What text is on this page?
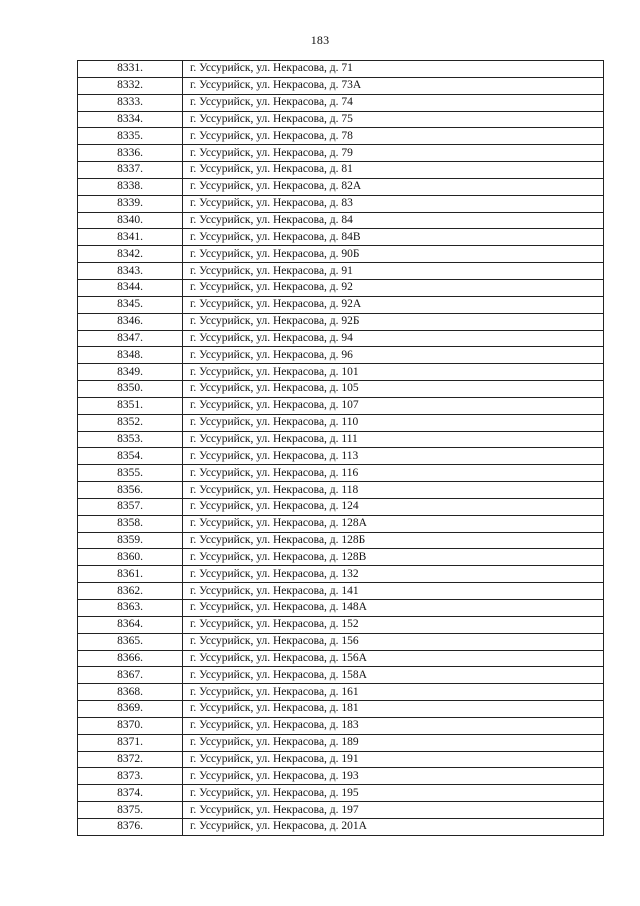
183
8331.	г. Уссурийск, ул. Некрасова, д. 71
8332.	г. Уссурийск, ул. Некрасова, д. 73А
8333.	г. Уссурийск, ул. Некрасова, д. 74
8334.	г. Уссурийск, ул. Некрасова, д. 75
8335.	г. Уссурийск, ул. Некрасова, д. 78
8336.	г. Уссурийск, ул. Некрасова, д. 79
8337.	г. Уссурийск, ул. Некрасова, д. 81
8338.	г. Уссурийск, ул. Некрасова, д. 82А
8339.	г. Уссурийск, ул. Некрасова, д. 83
8340.	г. Уссурийск, ул. Некрасова, д. 84
8341.	г. Уссурийск, ул. Некрасова, д. 84В
8342.	г. Уссурийск, ул. Некрасова, д. 90Б
8343.	г. Уссурийск, ул. Некрасова, д. 91
8344.	г. Уссурийск, ул. Некрасова, д. 92
8345.	г. Уссурийск, ул. Некрасова, д. 92А
8346.	г. Уссурийск, ул. Некрасова, д. 92Б
8347.	г. Уссурийск, ул. Некрасова, д. 94
8348.	г. Уссурийск, ул. Некрасова, д. 96
8349.	г. Уссурийск, ул. Некрасова, д. 101
8350.	г. Уссурийск, ул. Некрасова, д. 105
8351.	г. Уссурийск, ул. Некрасова, д. 107
8352.	г. Уссурийск, ул. Некрасова, д. 110
8353.	г. Уссурийск, ул. Некрасова, д. 111
8354.	г. Уссурийск, ул. Некрасова, д. 113
8355.	г. Уссурийск, ул. Некрасова, д. 116
8356.	г. Уссурийск, ул. Некрасова, д. 118
8357.	г. Уссурийск, ул. Некрасова, д. 124
8358.	г. Уссурийск, ул. Некрасова, д. 128А
8359.	г. Уссурийск, ул. Некрасова, д. 128Б
8360.	г. Уссурийск, ул. Некрасова, д. 128В
8361.	г. Уссурийск, ул. Некрасова, д. 132
8362.	г. Уссурийск, ул. Некрасова, д. 141
8363.	г. Уссурийск, ул. Некрасова, д. 148А
8364.	г. Уссурийск, ул. Некрасова, д. 152
8365.	г. Уссурийск, ул. Некрасова, д. 156
8366.	г. Уссурийск, ул. Некрасова, д. 156А
8367.	г. Уссурийск, ул. Некрасова, д. 158А
8368.	г. Уссурийск, ул. Некрасова, д. 161
8369.	г. Уссурийск, ул. Некрасова, д. 181
8370.	г. Уссурийск, ул. Некрасова, д. 183
8371.	г. Уссурийск, ул. Некрасова, д. 189
8372.	г. Уссурийск, ул. Некрасова, д. 191
8373.	г. Уссурийск, ул. Некрасова, д. 193
8374.	г. Уссурийск, ул. Некрасова, д. 195
8375.	г. Уссурийск, ул. Некрасова, д. 197
8376.	г. Уссурийск, ул. Некрасова, д. 201А
